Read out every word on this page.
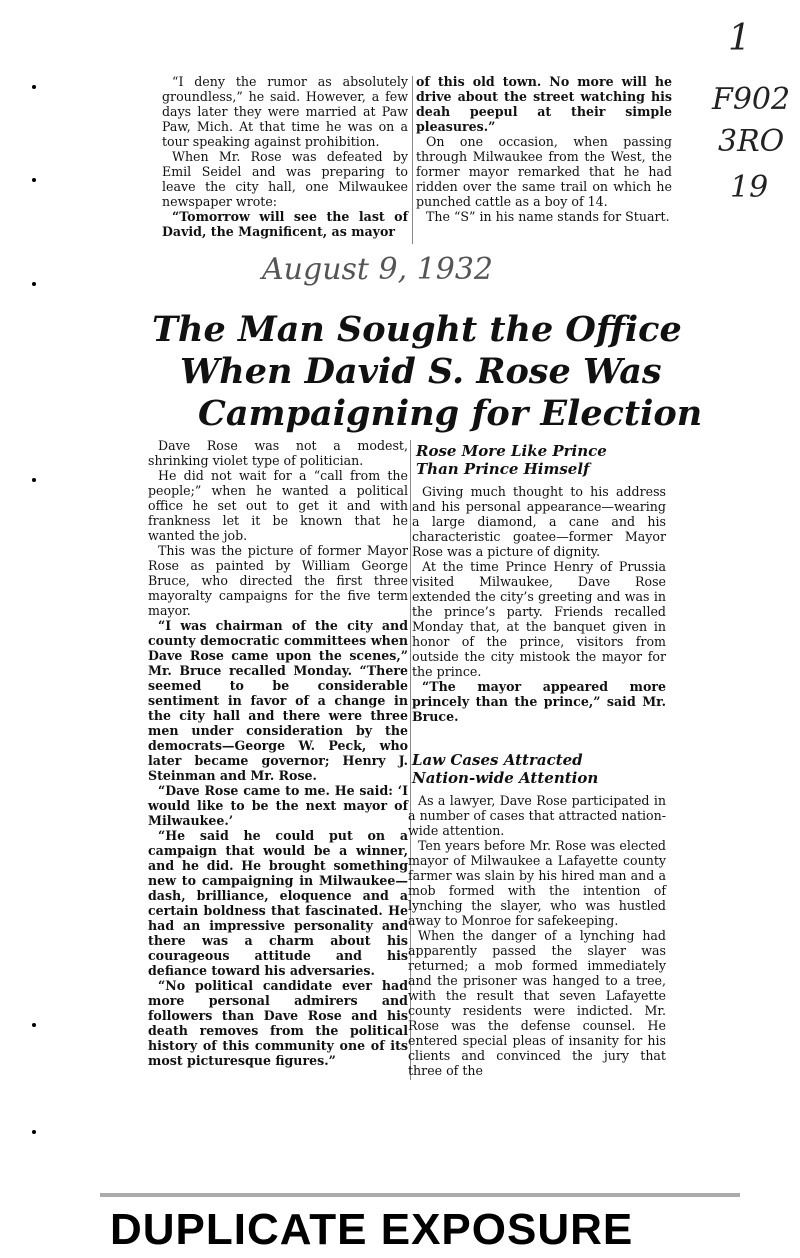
1
F902
3RO
19
August 9, 1932

“I deny the rumor as absolutely groundless,” he said. However, a few days later they were married at Paw Paw, Mich. At that time he was on a tour speaking against prohibition.

When Mr. Rose was defeated by Emil Seidel and was preparing to leave the city hall, one Milwaukee newspaper wrote:

“Tomorrow will see the last of David, the Magnificent, as mayor

of this old town. No more will he drive about the street watching his deah peepul at their simple pleasures.”

On one occasion, when passing through Milwaukee from the West, the former mayor remarked that he had ridden over the same trail on which he punched cattle as a boy of 14.

The “S” in his name stands for Stuart.

The Man Sought the Office
When David S. Rose Was
Campaigning for Election

Dave Rose was not a modest, shrinking violet type of politician.

He did not wait for a “call from the people;” when he wanted a political office he set out to get it and with frankness let it be known that he wanted the job.

This was the picture of former Mayor Rose as painted by William George Bruce, who directed the first three mayoralty campaigns for the five term mayor.

“I was chairman of the city and county democratic committees when Dave Rose came upon the scenes,” Mr. Bruce recalled Monday. “There seemed to be considerable sentiment in favor of a change in the city hall and there were three men under consideration by the democrats—George W. Peck, who later became governor; Henry J. Steinman and Mr. Rose.

“Dave Rose came to me. He said: ‘I would like to be the next mayor of Milwaukee.’

“He said he could put on a campaign that would be a winner, and he did. He brought something new to campaigning in Milwaukee—dash, brilliance, eloquence and a certain boldness that fascinated. He had an impressive personality and there was a charm about his courageous attitude and his defiance toward his adversaries.

“No political candidate ever had more personal admirers and followers than Dave Rose and his death removes from the political history of this community one of its most picturesque figures.”

Rose More Like Prince Than Prince Himself

Giving much thought to his address and his personal appearance—wearing a large diamond, a cane and his characteristic goatee—former Mayor Rose was a picture of dignity.

At the time Prince Henry of Prussia visited Milwaukee, Dave Rose extended the city’s greeting and was in the prince’s party. Friends recalled Monday that, at the banquet given in honor of the prince, visitors from outside the city mistook the mayor for the prince.

“The mayor appeared more princely than the prince,” said Mr. Bruce.

Law Cases Attracted Nation-wide Attention

As a lawyer, Dave Rose participated in a number of cases that attracted nation-wide attention.

Ten years before Mr. Rose was elected mayor of Milwaukee a Lafayette county farmer was slain by his hired man and a mob formed with the intention of lynching the slayer, who was hustled away to Monroe for safekeeping.

When the danger of a lynching had apparently passed the slayer was returned; a mob formed immediately and the prisoner was hanged to a tree, with the result that seven Lafayette county residents were indicted. Mr. Rose was the defense counsel. He entered special pleas of insanity for his clients and convinced the jury that three of the

DUPLICATE EXPOSURE
